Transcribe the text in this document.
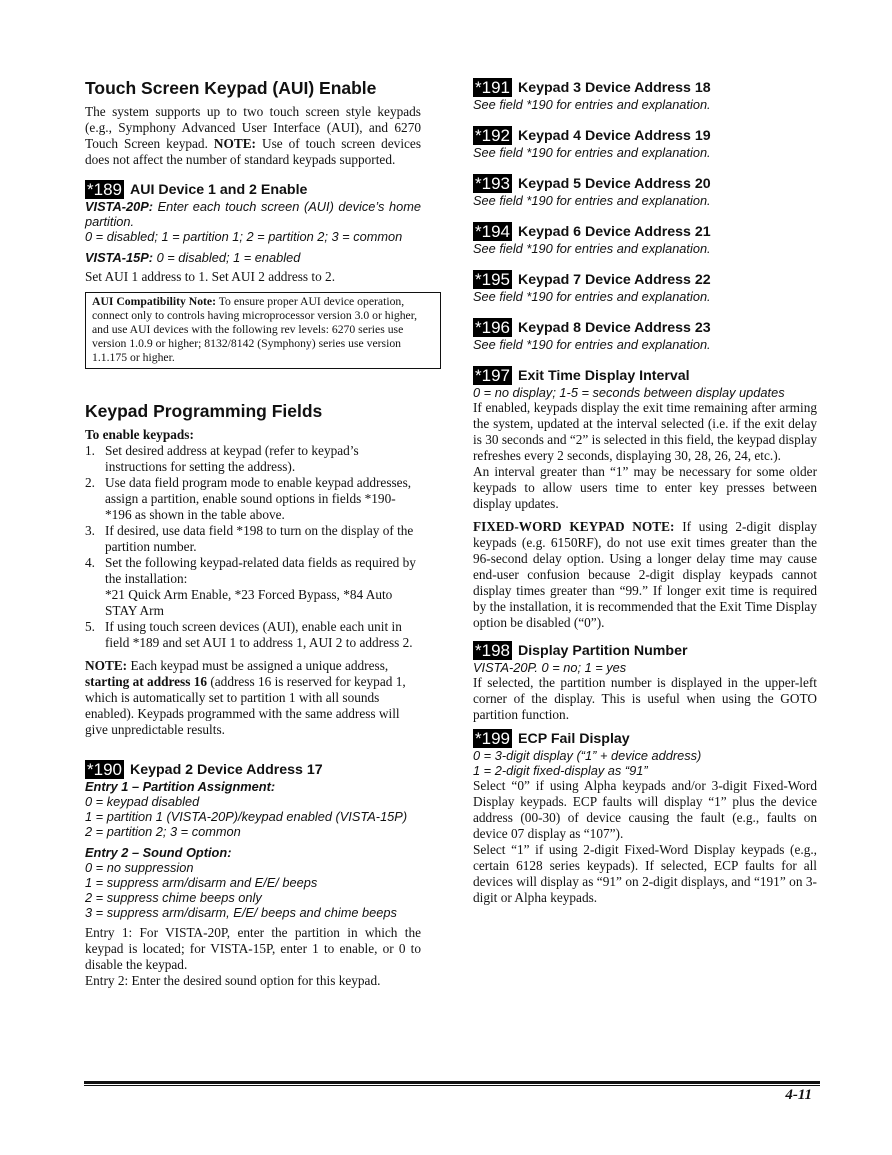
Touch Screen Keypad (AUI) Enable

The system supports up to two touch screen style keypads (e.g., Symphony Advanced User Interface (AUI), and 6270 Touch Screen keypad. NOTE: Use of touch screen devices does not affect the number of standard keypads supported.

*189 AUI Device 1 and 2 Enable

VISTA-20P: Enter each touch screen (AUI) device’s home partition.

0 = disabled; 1 = partition 1; 2 = partition 2; 3 = common

VISTA-15P: 0 = disabled; 1 = enabled

Set AUI 1 address to 1. Set AUI 2 address to 2.

AUI Compatibility Note: To ensure proper AUI device operation, connect only to controls having microprocessor version 3.0 or higher, and use AUI devices with the following rev levels: 6270 series use version 1.0.9 or higher; 8132/8142 (Symphony) series use version 1.1.175 or higher.

Keypad Programming Fields

To enable keypads:

1. Set desired address at keypad (refer to keypad’s instructions for setting the address).
2. Use data field program mode to enable keypad addresses, assign a partition, enable sound options in fields *190-*196 as shown in the table above.
3. If desired, use data field *198 to turn on the display of the partition number.
4. Set the following keypad-related data fields as required by the installation:
*21 Quick Arm Enable, *23 Forced Bypass, *84 Auto STAY Arm
5. If using touch screen devices (AUI), enable each unit in field *189 and set AUI 1 to address 1, AUI 2 to address 2.

NOTE: Each keypad must be assigned a unique address, starting at address 16 (address 16 is reserved for keypad 1, which is automatically set to partition 1 with all sounds enabled). Keypads programmed with the same address will give unpredictable results.

*190 Keypad 2 Device Address 17

Entry 1 – Partition Assignment:

0 = keypad disabled

1 = partition 1 (VISTA-20P)/keypad enabled (VISTA-15P)

2 = partition 2; 3 = common

Entry 2 – Sound Option:

0 = no suppression

1 = suppress arm/disarm and E/E/ beeps

2 = suppress chime beeps only

3 = suppress arm/disarm, E/E/ beeps and chime beeps

Entry 1: For VISTA-20P, enter the partition in which the keypad is located; for VISTA-15P, enter 1 to enable, or 0 to disable the keypad.

Entry 2: Enter the desired sound option for this keypad.

*191 Keypad 3 Device Address 18

See field *190 for entries and explanation.

*192 Keypad 4 Device Address 19

See field *190 for entries and explanation.

*193 Keypad 5 Device Address 20

See field *190 for entries and explanation.

*194 Keypad 6 Device Address 21

See field *190 for entries and explanation.

*195 Keypad 7 Device Address 22

See field *190 for entries and explanation.

*196 Keypad 8 Device Address 23

See field *190 for entries and explanation.

*197 Exit Time Display Interval

0 = no display; 1-5 = seconds between display updates

If enabled, keypads display the exit time remaining after arming the system, updated at the interval selected (i.e. if the exit delay is 30 seconds and “2” is selected in this field, the keypad display refreshes every 2 seconds, displaying 30, 28, 26, 24, etc.).

An interval greater than “1” may be necessary for some older keypads to allow users time to enter key presses between display updates.

FIXED-WORD KEYPAD NOTE: If using 2-digit display keypads (e.g. 6150RF), do not use exit times greater than the 96-second delay option. Using a longer delay time may cause end-user confusion because 2-digit display keypads cannot display times greater than “99.” If longer exit time is required by the installation, it is recommended that the Exit Time Display option be disabled (“0”).

*198 Display Partition Number

VISTA-20P. 0 = no; 1 = yes

If selected, the partition number is displayed in the upper-left corner of the display. This is useful when using the GOTO partition function.

*199 ECP Fail Display

0 = 3-digit display (“1” + device address)

1 = 2-digit fixed-display as “91”

Select “0” if using Alpha keypads and/or 3-digit Fixed-Word Display keypads. ECP faults will display “1” plus the device address (00-30) of device causing the fault (e.g., faults on device 07 display as “107”).

Select “1” if using 2-digit Fixed-Word Display keypads (e.g., certain 6128 series keypads). If selected, ECP faults for all devices will display as “91” on 2-digit displays, and “191” on 3-digit or Alpha keypads.

4-11
